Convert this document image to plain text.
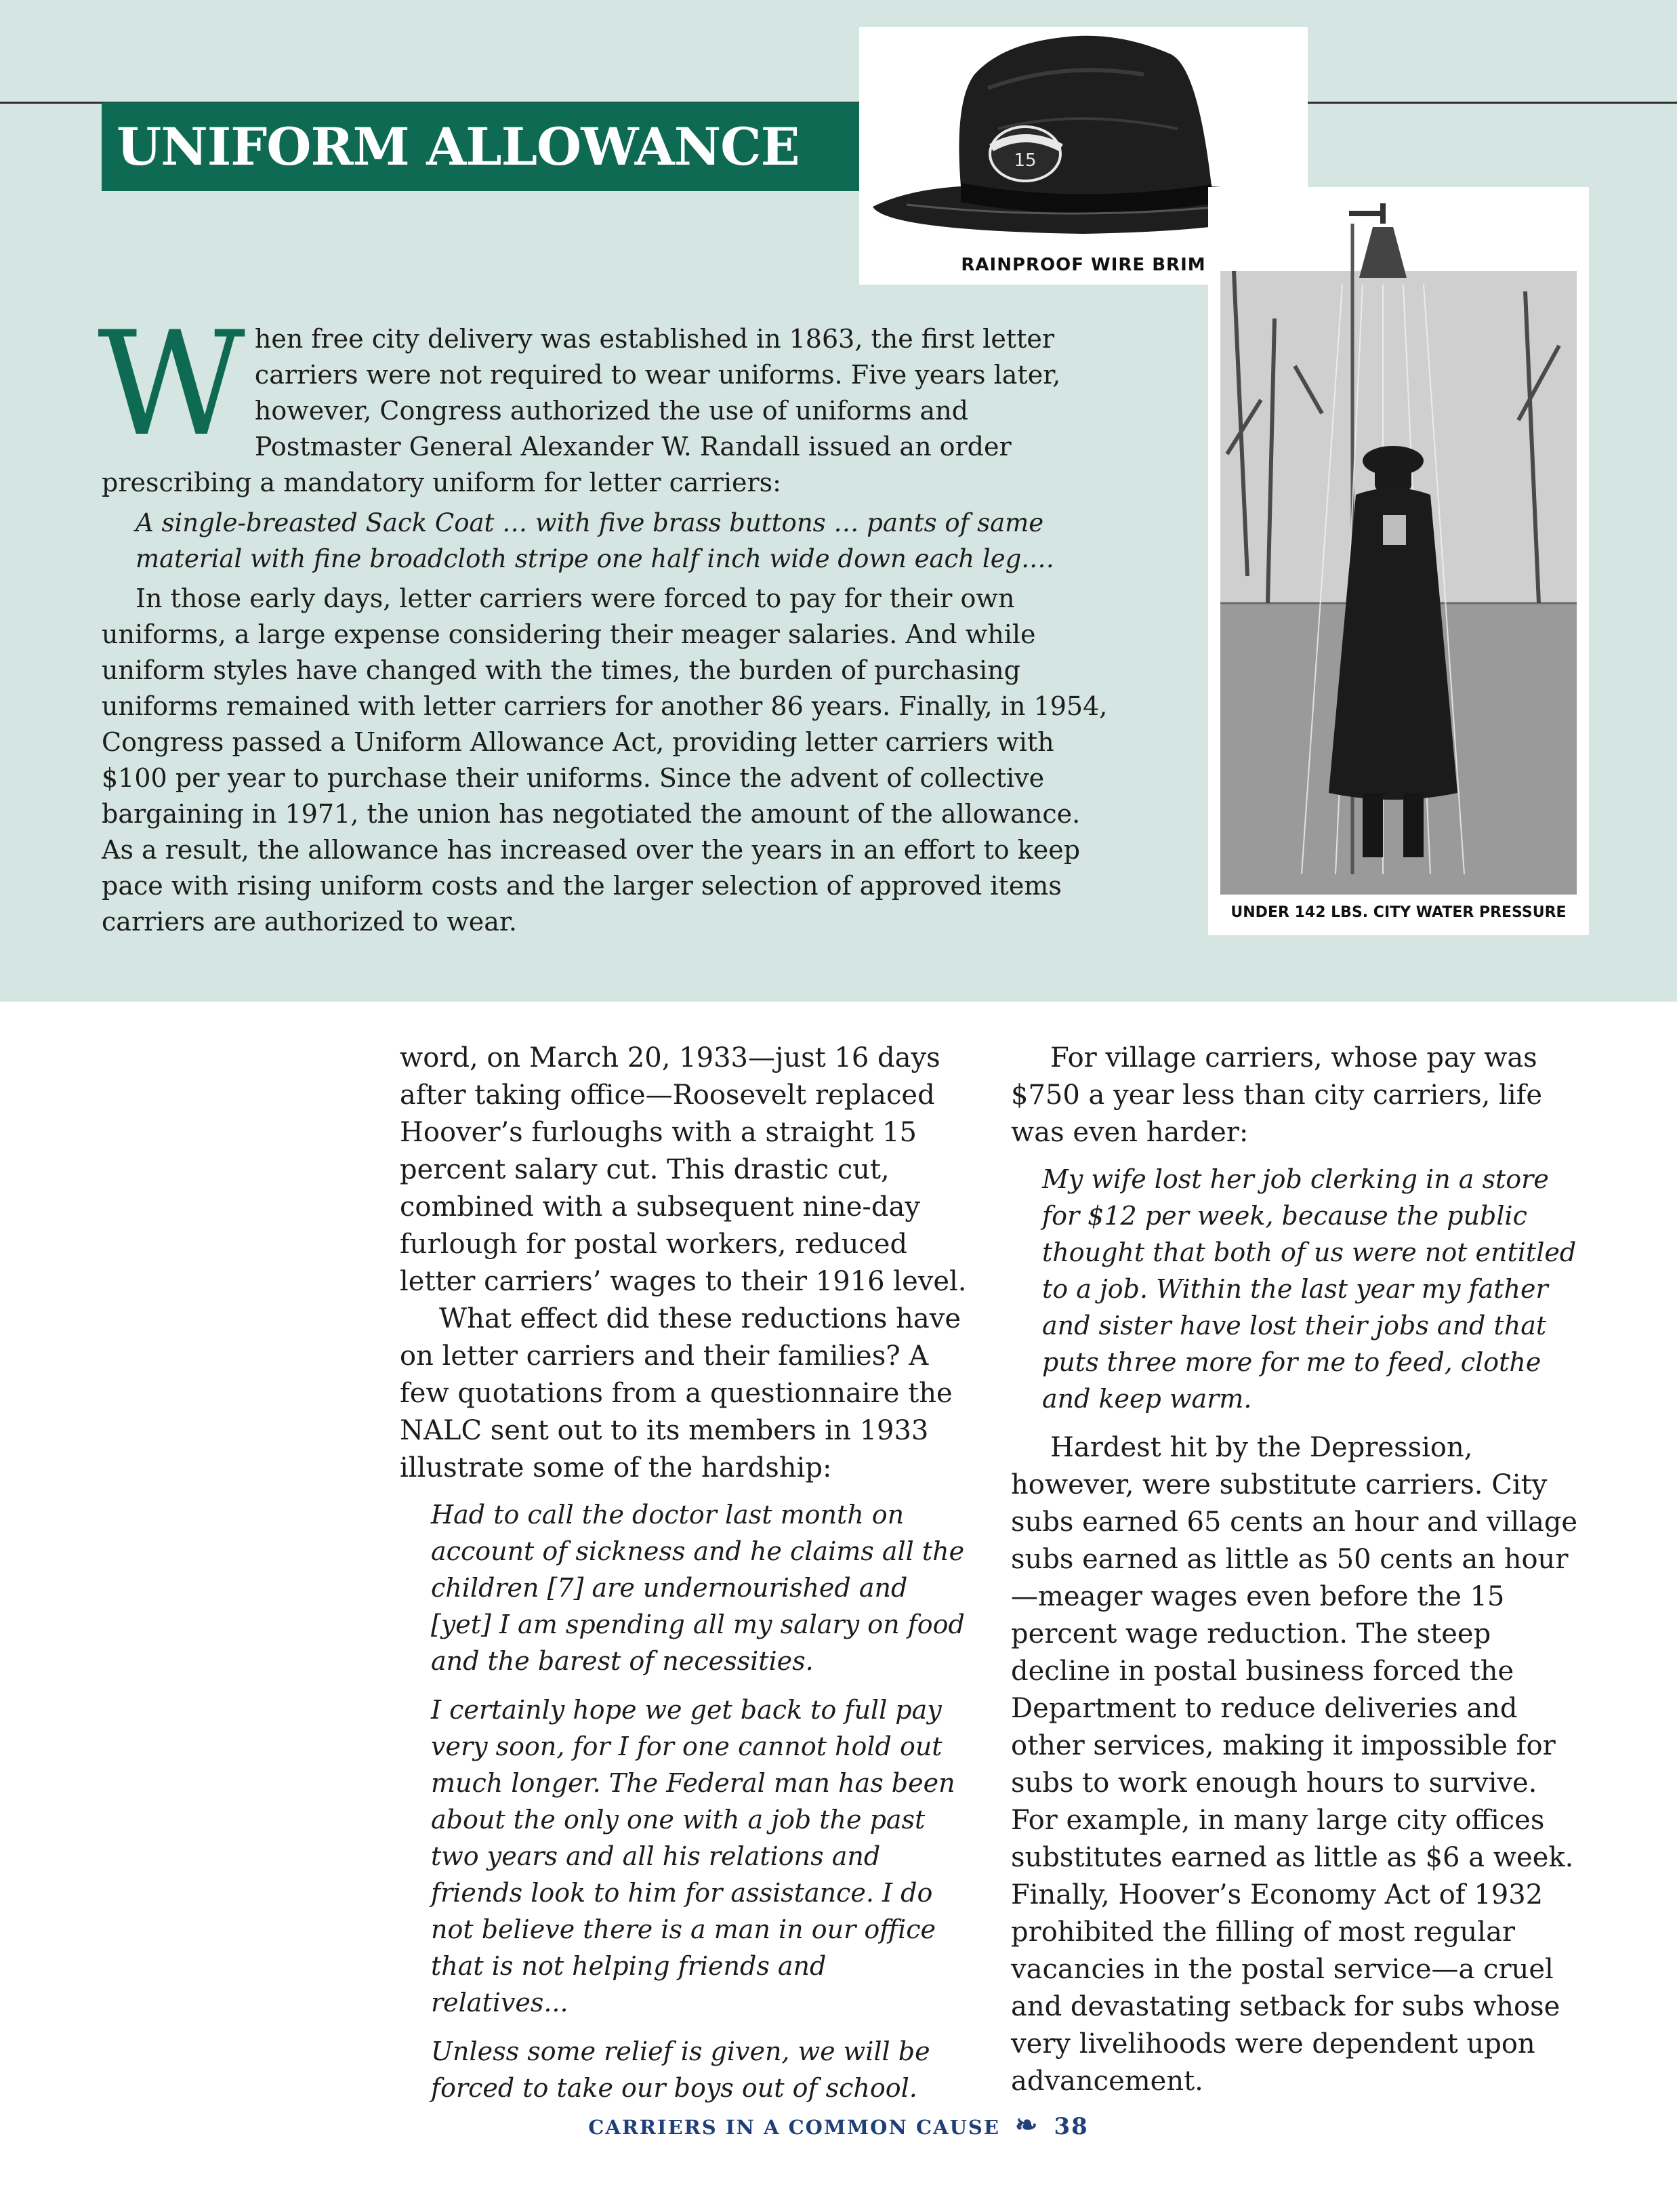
UNIFORM ALLOWANCE	15
RAINPROOF WIRE BRIM
UNDER 142 LBS. CITY WATER PRESSURE

When free city delivery was established in 1863, the first letter carriers were not required to wear uniforms. Five years later, however, Congress authorized the use of uniforms and Postmaster General Alexander W. Randall issued an order prescribing a mandatory uniform for letter carriers:

A single-breasted Sack Coat … with five brass buttons … pants of same material with fine broadcloth stripe one half inch wide down each leg.…

In those early days, letter carriers were forced to pay for their own uniforms, a large expense considering their meager salaries. And while uniform styles have changed with the times, the burden of purchasing uniforms remained with letter carriers for another 86 years. Finally, in 1954, Congress passed a Uniform Allowance Act, providing letter carriers with $100 per year to purchase their uniforms. Since the advent of collective bargaining in 1971, the union has negotiated the amount of the allowance. As a result, the allowance has increased over the years in an effort to keep pace with rising uniform costs and the larger selection of approved items carriers are authorized to wear.

word, on March 20, 1933—just 16 days after taking office—Roosevelt replaced Hoover’s furloughs with a straight 15 percent salary cut. This drastic cut, combined with a subsequent nine-day furlough for postal workers, reduced letter carriers’ wages to their 1916 level.

What effect did these reductions have on letter carriers and their families? A few quotations from a questionnaire the NALC sent out to its members in 1933 illustrate some of the hardship:

Had to call the doctor last month on account of sickness and he claims all the children [7] are undernourished and [yet] I am spending all my salary on food and the barest of necessities.

I certainly hope we get back to full pay very soon, for I for one cannot hold out much longer. The Federal man has been about the only one with a job the past two years and all his relations and friends look to him for assistance. I do not believe there is a man in our office that is not helping friends and relatives...

Unless some relief is given, we will be forced to take our boys out of school.

For village carriers, whose pay was $750 a year less than city carriers, life was even harder:

My wife lost her job clerking in a store for $12 per week, because the public thought that both of us were not entitled to a job. Within the last year my father and sister have lost their jobs and that puts three more for me to feed, clothe and keep warm.

Hardest hit by the Depression, however, were substitute carriers. City subs earned 65 cents an hour and village subs earned as little as 50 cents an hour—meager wages even before the 15 percent wage reduction. The steep decline in postal business forced the Department to reduce deliveries and other services, making it impossible for subs to work enough hours to survive. For example, in many large city offices substitutes earned as little as $6 a week. Finally, Hoover’s Economy Act of 1932 prohibited the filling of most regular vacancies in the postal service—a cruel and devastating setback for subs whose very livelihoods were dependent upon advancement.

CARRIERS IN A COMMON CAUSE ❧ 38
